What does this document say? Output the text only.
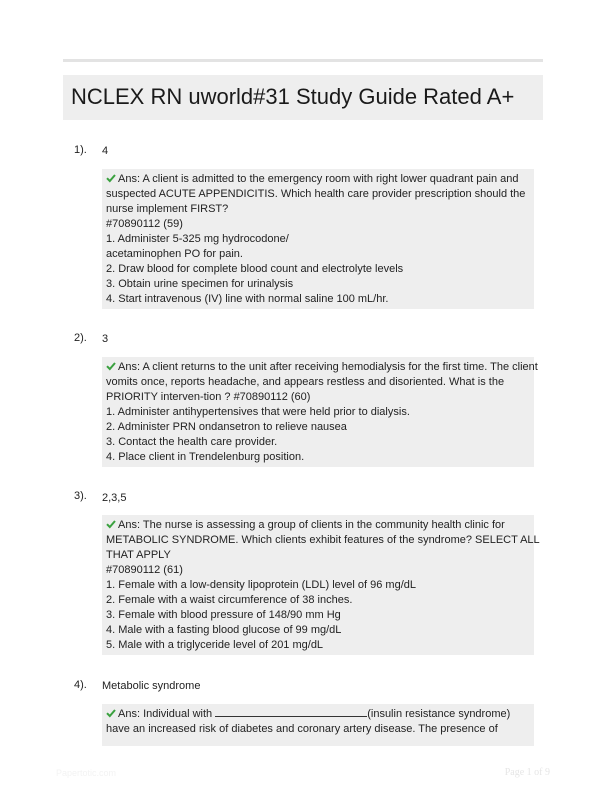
NCLEX RN uworld#31 Study Guide Rated A+
1). 4
Ans: A client is admitted to the emergency room with right lower quadrant pain and
suspected ACUTE APPENDICITIS. Which health care provider prescription should the
nurse implement FIRST?
#70890112 (59)
1. Administer 5-325 mg hydrocodone/
acetaminophen PO for pain.
2. Draw blood for complete blood count and electrolyte levels
3. Obtain urine specimen for urinalysis
4. Start intravenous (IV) line with normal saline 100 mL/hr.
2). 3
Ans: A client returns to the unit after receiving hemodialysis for the first time. The client
vomits once, reports headache, and appears restless and disoriented. What is the
PRIORITY interven-tion ? #70890112 (60)
1. Administer antihypertensives that were held prior to dialysis.
2. Administer PRN ondansetron to relieve nausea
3. Contact the health care provider.
4. Place client in Trendelenburg position.
3). 2,3,5
Ans: The nurse is assessing a group of clients in the community health clinic for
METABOLIC SYNDROME. Which clients exhibit features of the syndrome? SELECT ALL
THAT APPLY
#70890112 (61)
1. Female with a low-density lipoprotein (LDL) level of 96 mg/dL
2. Female with a waist circumference of 38 inches.
3. Female with blood pressure of 148/90 mm Hg
4. Male with a fasting blood glucose of 99 mg/dL
5. Male with a triglyceride level of 201 mg/dL
4). Metabolic syndrome
Ans: Individual with	(insulin resistance syndrome)
have an increased risk of diabetes and coronary artery disease. The presence of
Papertotic.com	Page 1 of 9
